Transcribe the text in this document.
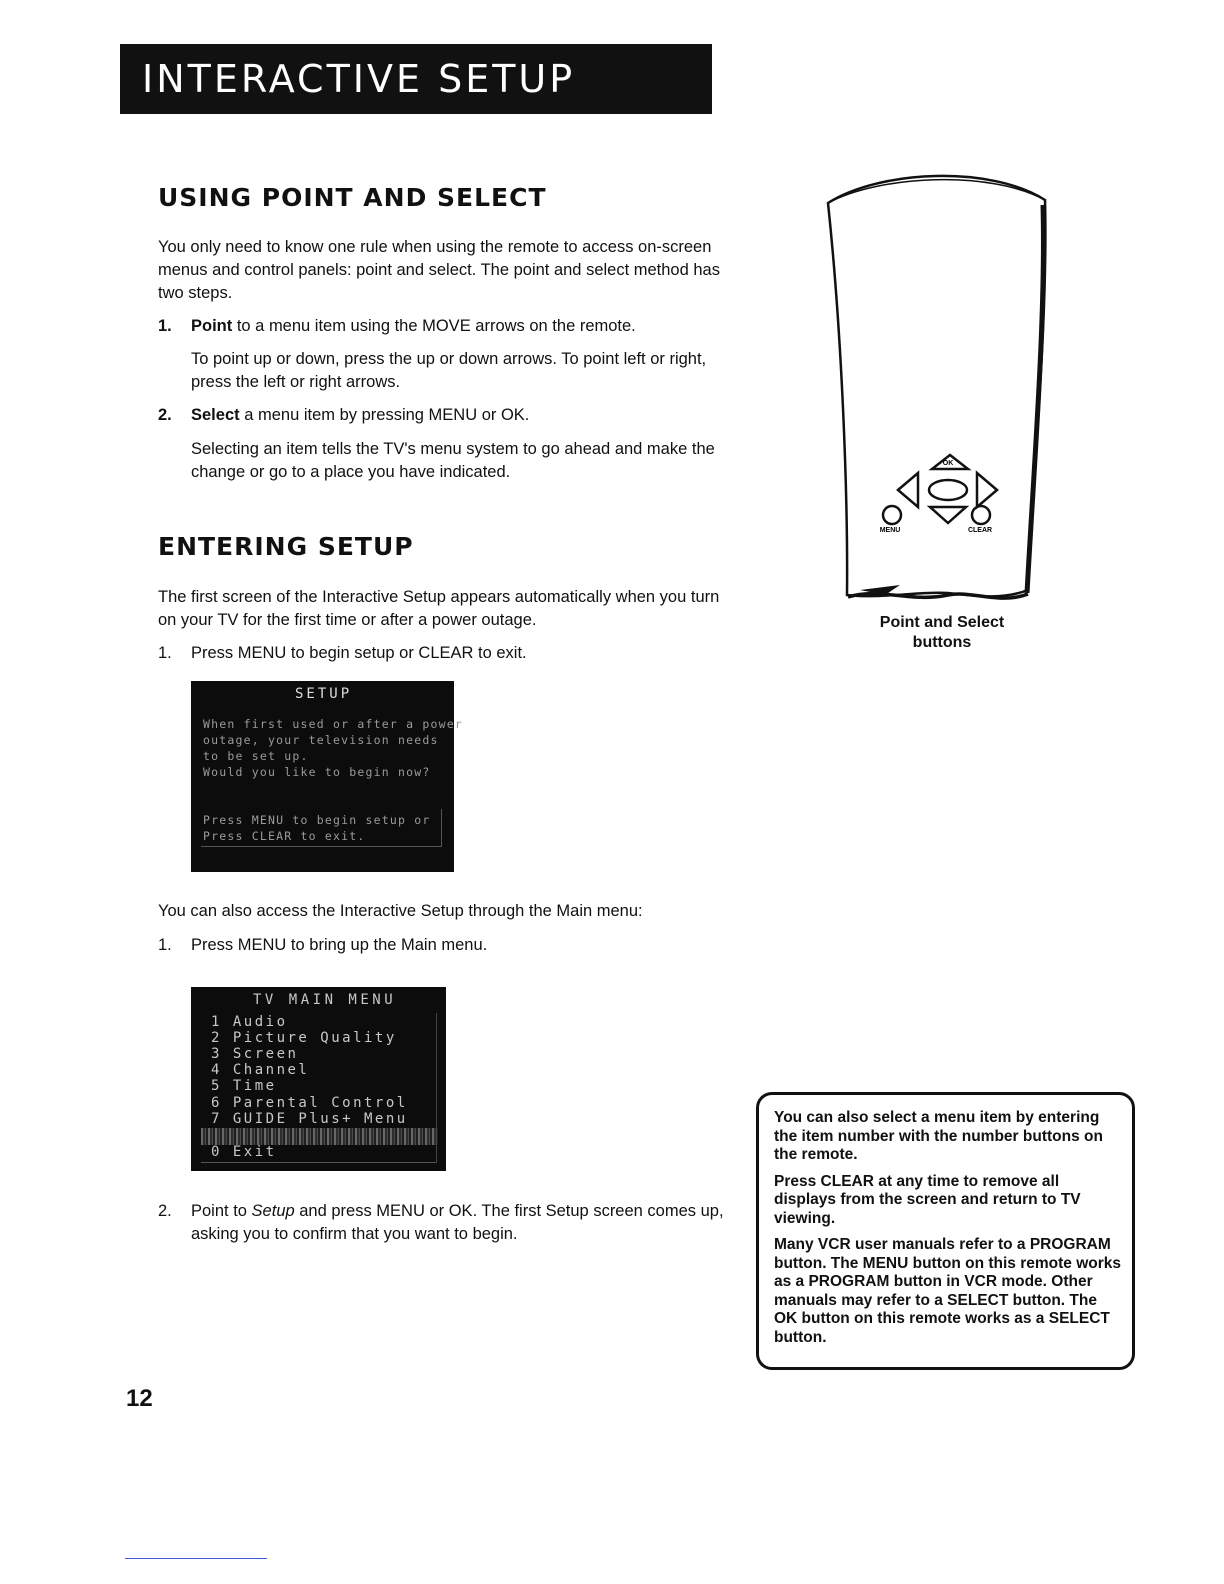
INTERACTIVE SETUP
USING POINT AND SELECT

You only need to know one rule when using the remote to access on-screen menus and control panels: point and select. The point and select method has two steps.

1. Point to a menu item using the MOVE arrows on the remote.

To point up or down, press the up or down arrows. To point left or right, press the left or right arrows.

2. Select a menu item by pressing MENU or OK.

Selecting an item tells the TV's menu system to go ahead and make the change or go to a place you have indicated.

ENTERING SETUP

The first screen of the Interactive Setup appears automatically when you turn on your TV for the first time or after a power outage.

1. Press MENU to begin setup or CLEAR to exit.
SETUP
When first used or after a power
outage, your television needs
to be set up.
Would you like to begin now?
Press MENU to begin setup or
Press CLEAR to exit.

You can also access the Interactive Setup through the Main menu:

1. Press MENU to bring up the Main menu.
TV MAIN MENU
1 Audio
2 Picture Quality
3 Screen
4 Channel
5 Time
6 Parental Control
7 GUIDE Plus+ Menu
0 Exit
2. Point to Setup and press MENU or OK. The first Setup screen comes up, asking you to confirm that you want to begin.
OK
MENU	CLEAR
Point and Select
buttons

You can also select a menu item by entering the item number with the number buttons on the remote.

Press CLEAR at any time to remove all displays from the screen and return to TV viewing.

Many VCR user manuals refer to a PROGRAM button. The MENU button on this remote works as a PROGRAM button in VCR mode. Other manuals may refer to a SELECT button. The OK button on this remote works as a SELECT button.

12
